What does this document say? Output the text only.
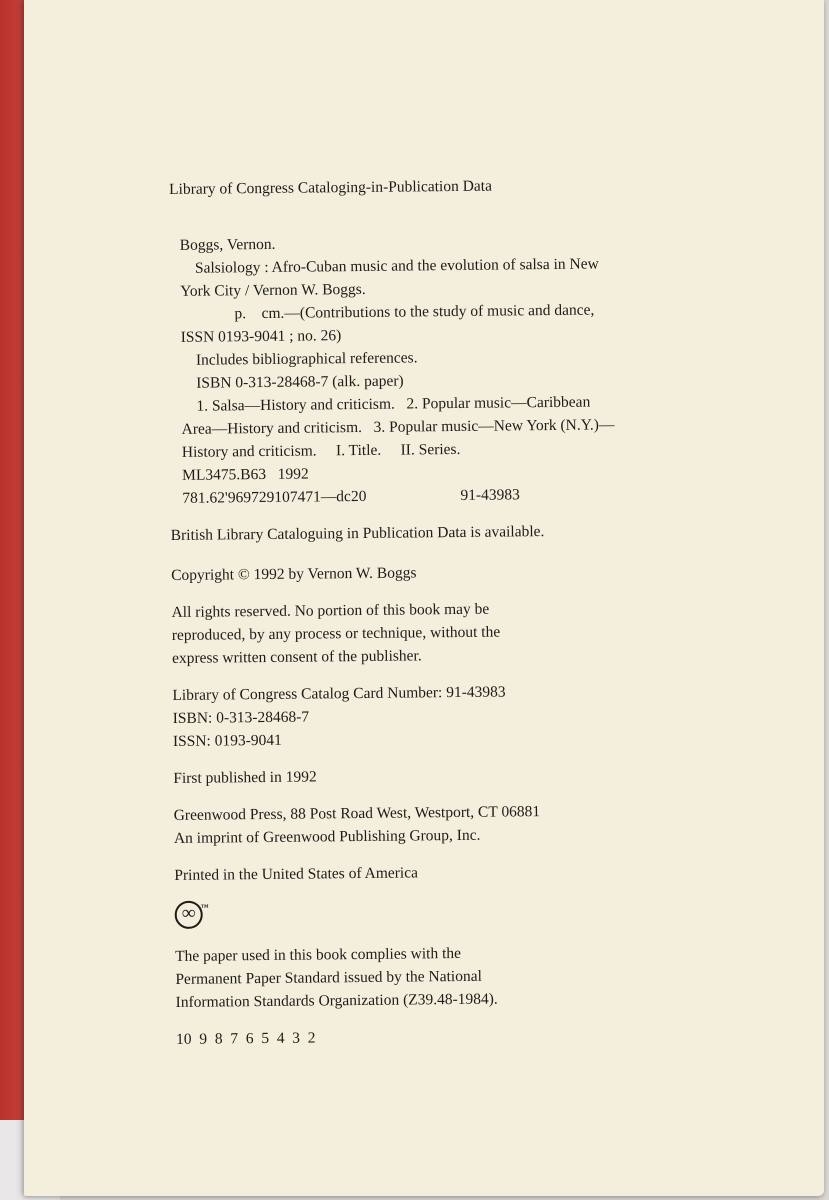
Library of Congress Cataloging-in-Publication Data

Boggs, Vernon.

Salsiology : Afro-Cuban music and the evolution of salsa in New

York City / Vernon W. Boggs.

p.    cm.—(Contributions to the study of music and dance,

ISSN 0193-9041 ; no. 26)

Includes bibliographical references.

ISBN 0-313-28468-7 (alk. paper)

1. Salsa—History and criticism.   2. Popular music—Caribbean

Area—History and criticism.   3. Popular music—New York (N.Y.)—

History and criticism.     I. Title.     II. Series.

ML3475.B63   1992

781.62'969729107471—dc20	91-43983

British Library Cataloguing in Publication Data is available.

Copyright © 1992 by Vernon W. Boggs

All rights reserved. No portion of this book may be

reproduced, by any process or technique, without the

express written consent of the publisher.

Library of Congress Catalog Card Number: 91-43983

ISBN: 0-313-28468-7

ISSN: 0193-9041

First published in 1992

Greenwood Press, 88 Post Road West, Westport, CT 06881

An imprint of Greenwood Publishing Group, Inc.

Printed in the United States of America

∞ ™

The paper used in this book complies with the

Permanent Paper Standard issued by the National

Information Standards Organization (Z39.48-1984).

10  9  8  7  6  5  4  3  2
